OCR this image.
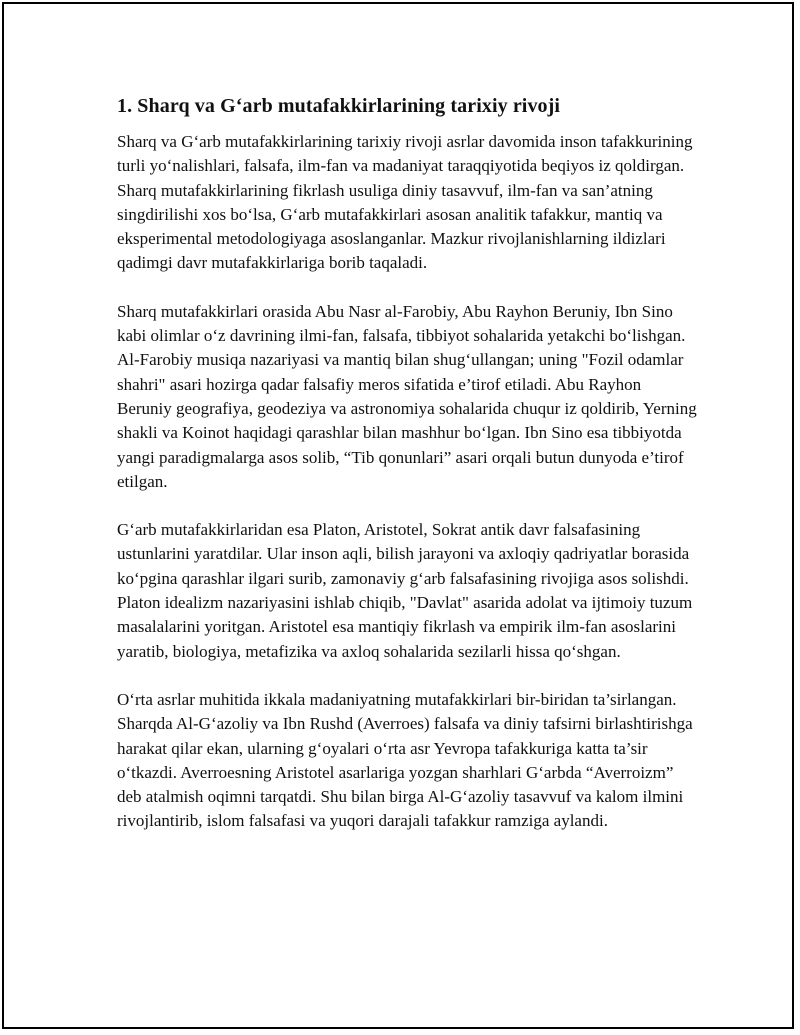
1. Sharq va G‘arb mutafakkirlarining tarixiy rivoji

Sharq va G‘arb mutafakkirlarining tarixiy rivoji asrlar davomida inson tafakkurining turli yo‘nalishlari, falsafa, ilm-fan va madaniyat taraqqiyotida beqiyos iz qoldirgan. Sharq mutafakkirlarining fikrlash usuliga diniy tasavvuf, ilm-fan va san’atning singdirilishi xos bo‘lsa, G‘arb mutafakkirlari asosan analitik tafakkur, mantiq va eksperimental metodologiyaga asoslanganlar. Mazkur rivojlanishlarning ildizlari qadimgi davr mutafakkirlariga borib taqaladi.

Sharq mutafakkirlari orasida Abu Nasr al-Farobiy, Abu Rayhon Beruniy, Ibn Sino kabi olimlar o‘z davrining ilmi-fan, falsafa, tibbiyot sohalarida yetakchi bo‘lishgan. Al-Farobiy musiqa nazariyasi va mantiq bilan shug‘ullangan; uning "Fozil odamlar shahri" asari hozirga qadar falsafiy meros sifatida e’tirof etiladi. Abu Rayhon Beruniy geografiya, geodeziya va astronomiya sohalarida chuqur iz qoldirib, Yerning shakli va Koinot haqidagi qarashlar bilan mashhur bo‘lgan. Ibn Sino esa tibbiyotda yangi paradigmalarga asos solib, “Tib qonunlari” asari orqali butun dunyoda e’tirof etilgan.

G‘arb mutafakkirlaridan esa Platon, Aristotel, Sokrat antik davr falsafasining ustunlarini yaratdilar. Ular inson aqli, bilish jarayoni va axloqiy qadriyatlar borasida ko‘pgina qarashlar ilgari surib, zamonaviy g‘arb falsafasining rivojiga asos solishdi. Platon idealizm nazariyasini ishlab chiqib, "Davlat" asarida adolat va ijtimoiy tuzum masalalarini yoritgan. Aristotel esa mantiqiy fikrlash va empirik ilm-fan asoslarini yaratib, biologiya, metafizika va axloq sohalarida sezilarli hissa qo‘shgan.

O‘rta asrlar muhitida ikkala madaniyatning mutafakkirlari bir-biridan ta’sirlangan. Sharqda Al-G‘azoliy va Ibn Rushd (Averroes) falsafa va diniy tafsirni birlashtirishga harakat qilar ekan, ularning g‘oyalari o‘rta asr Yevropa tafakkuriga katta ta’sir o‘tkazdi. Averroesning Aristotel asarlariga yozgan sharhlari G‘arbda “Averroizm” deb atalmish oqimni tarqatdi. Shu bilan birga Al-G‘azoliy tasavvuf va kalom ilmini rivojlantirib, islom falsafasi va yuqori darajali tafakkur ramziga aylandi.
